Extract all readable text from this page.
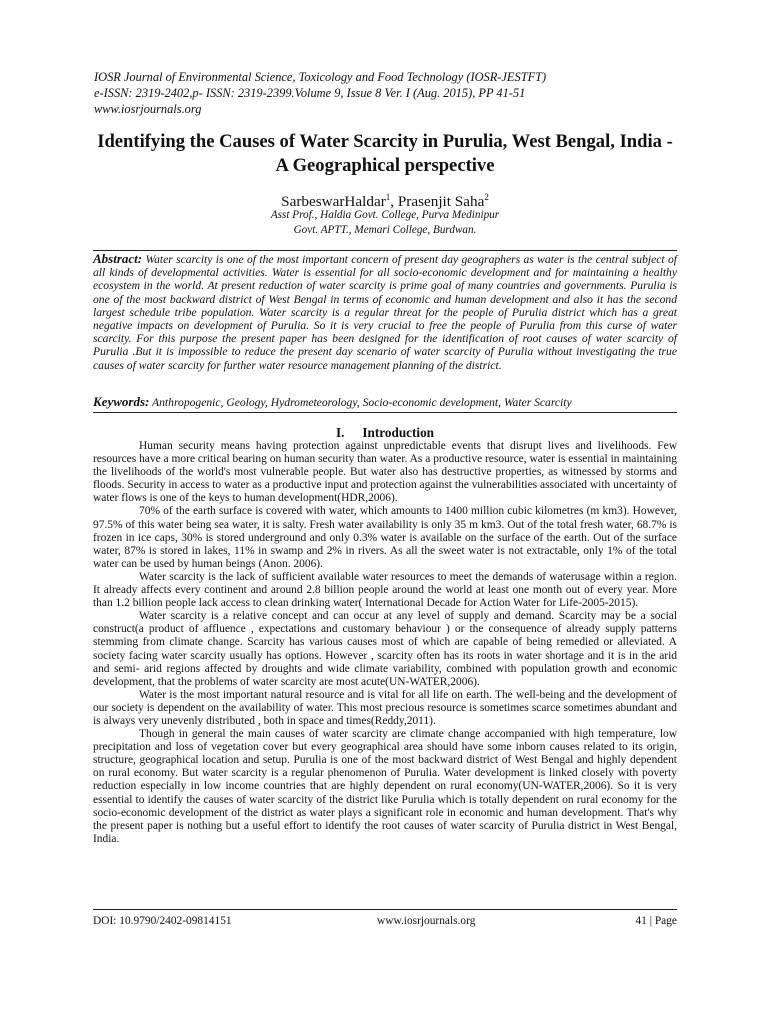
IOSR Journal of Environmental Science, Toxicology and Food Technology (IOSR-JESTFT)
e-ISSN: 2319-2402,p- ISSN: 2319-2399.Volume 9, Issue 8 Ver. I (Aug. 2015), PP 41-51
www.iosrjournals.org
Identifying the Causes of Water Scarcity in Purulia, West Bengal, India - A Geographical perspective
SarbeswarHaldar$^1$, Prasenjit Saha$^2$
Asst Prof., Haldia Govt. College, Purva Medinipur
Govt. APTT., Memari College, Burdwan.
Abstract: Water scarcity is one of the most important concern of present day geographers as water is the central subject of all kinds of developmental activities. Water is essential for all socio-economic development and for maintaining a healthy ecosystem in the world. At present reduction of water scarcity is prime goal of many countries and governments. Purulia is one of the most backward district of West Bengal in terms of economic and human development and also it has the second largest schedule tribe population. Water scarcity is a regular threat for the people of Purulia district which has a great negative impacts on development of Purulia. So it is very crucial to free the people of Purulia from this curse of water scarcity. For this purpose the present paper has been designed for the identification of root causes of water scarcity of Purulia .But it is impossible to reduce the present day scenario of water scarcity of Purulia without investigating the true causes of water scarcity for further water resource management planning of the district.
Keywords: Anthropogenic, Geology, Hydrometeorology, Socio-economic development, Water Scarcity
I. Introduction

Human security means having protection against unpredictable events that disrupt lives and livelihoods. Few resources have a more critical bearing on human security than water. As a productive resource, water is essential in maintaining the livelihoods of the world's most vulnerable people. But water also has destructive properties, as witnessed by storms and floods. Security in access to water as a productive input and protection against the vulnerabilities associated with uncertainty of water flows is one of the keys to human development(HDR,2006).

70% of the earth surface is covered with water, which amounts to 1400 million cubic kilometres (m km3). However, 97.5% of this water being sea water, it is salty. Fresh water availability is only 35 m km3. Out of the total fresh water, 68.7% is frozen in ice caps, 30% is stored underground and only 0.3% water is available on the surface of the earth. Out of the surface water, 87% is stored in lakes, 11% in swamp and 2% in rivers. As all the sweet water is not extractable, only 1% of the total water can be used by human beings (Anon. 2006).

Water scarcity is the lack of sufficient available water resources to meet the demands of waterusage within a region. It already affects every continent and around 2.8 billion people around the world at least one month out of every year. More than 1.2 billion people lack access to clean drinking water( International Decade for Action Water for Life-2005-2015).

Water scarcity is a relative concept and can occur at any level of supply and demand. Scarcity may be a social construct(a product of affluence , expectations and customary behaviour ) or the consequence of already supply patterns stemming from climate change. Scarcity has various causes most of which are capable of being remedied or alleviated. A society facing water scarcity usually has options. However , scarcity often has its roots in water shortage and it is in the arid and semi- arid regions affected by droughts and wide climate variability, combined with population growth and economic development, that the problems of water scarcity are most acute(UN-WATER,2006).

Water is the most important natural resource and is vital for all life on earth. The well-being and the development of our society is dependent on the availability of water. This most precious resource is sometimes scarce sometimes abundant and is always very unevenly distributed , both in space and times(Reddy,2011).

Though in general the main causes of water scarcity are climate change accompanied with high temperature, low precipitation and loss of vegetation cover but every geographical area should have some inborn causes related to its origin, structure, geographical location and setup. Purulia is one of the most backward district of West Bengal and highly dependent on rural economy. But water scarcity is a regular phenomenon of Purulia. Water development is linked closely with poverty reduction especially in low income countries that are highly dependent on rural economy(UN-WATER,2006). So it is very essential to identify the causes of water scarcity of the district like Purulia which is totally dependent on rural economy for the socio-economic development of the district as water plays a significant role in economic and human development. That's why the present paper is nothing but a useful effort to identify the root causes of water scarcity of Purulia district in West Bengal, India.

DOI: 10.9790/2402-09814151	www.iosrjournals.org	41 | Page
